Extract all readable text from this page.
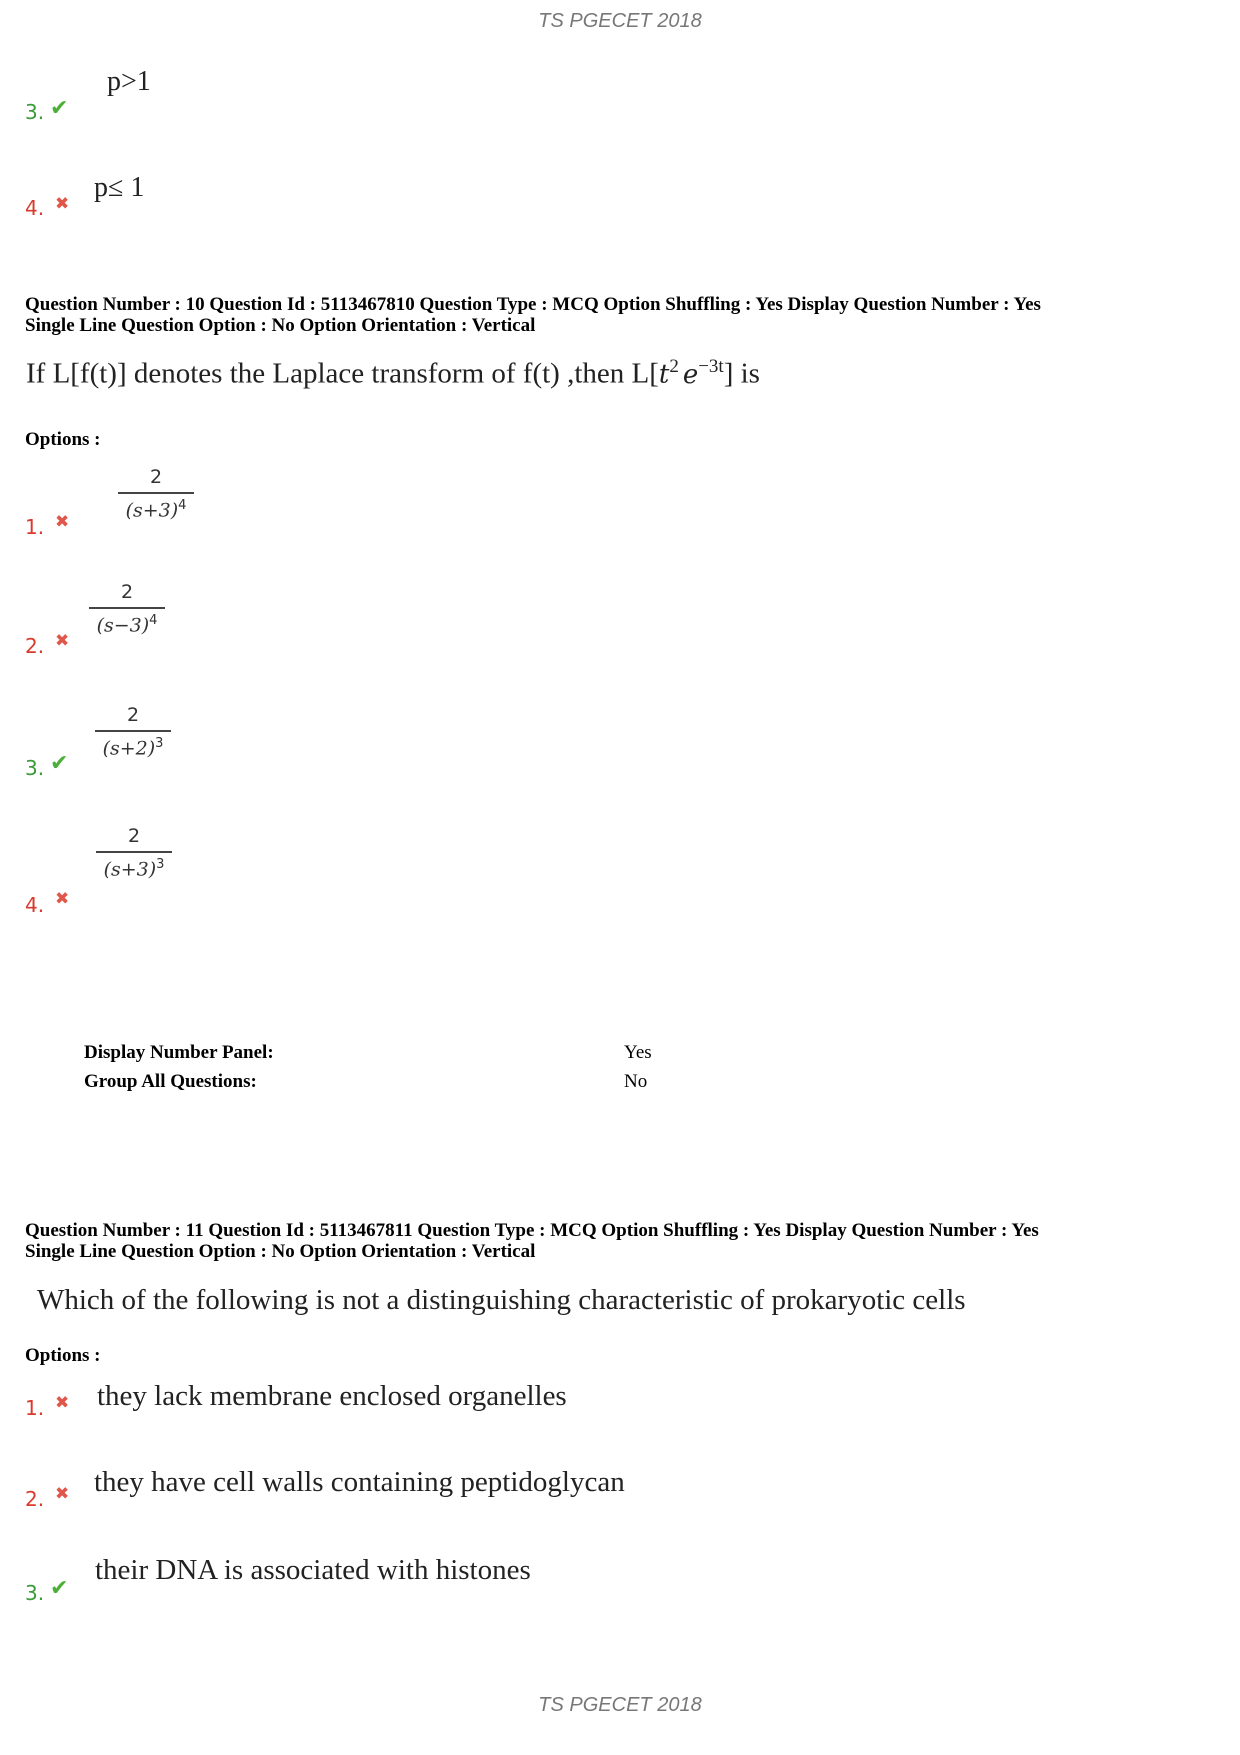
TS PGECET 2018
3. ✔
p>1
4. ✖
p≤ 1
Question Number : 10 Question Id : 5113467810 Question Type : MCQ Option Shuffling : Yes Display Question Number : Yes
Single Line Question Option : No Option Orientation : Vertical
If L[f(t)] denotes the Laplace transform of f(t) ,then $L[t^2$ $e^{-3t}$] is
Options :
1. ✖
2
$(s+3)^4$
2. ✖
2
$(s-3)^4$
3. ✔
2
$(s+2)^3$
4. ✖
2
$(s+3)^3$
Display Number Panel:	Yes
Group All Questions:	No
Question Number : 11 Question Id : 5113467811 Question Type : MCQ Option Shuffling : Yes Display Question Number : Yes
Single Line Question Option : No Option Orientation : Vertical
Which of the following is not a distinguishing characteristic of prokaryotic cells
Options :
1. ✖ they lack membrane enclosed organelles
2. ✖ they have cell walls containing peptidoglycan
3. ✔
their DNA is associated with histones
TS PGECET 2018
